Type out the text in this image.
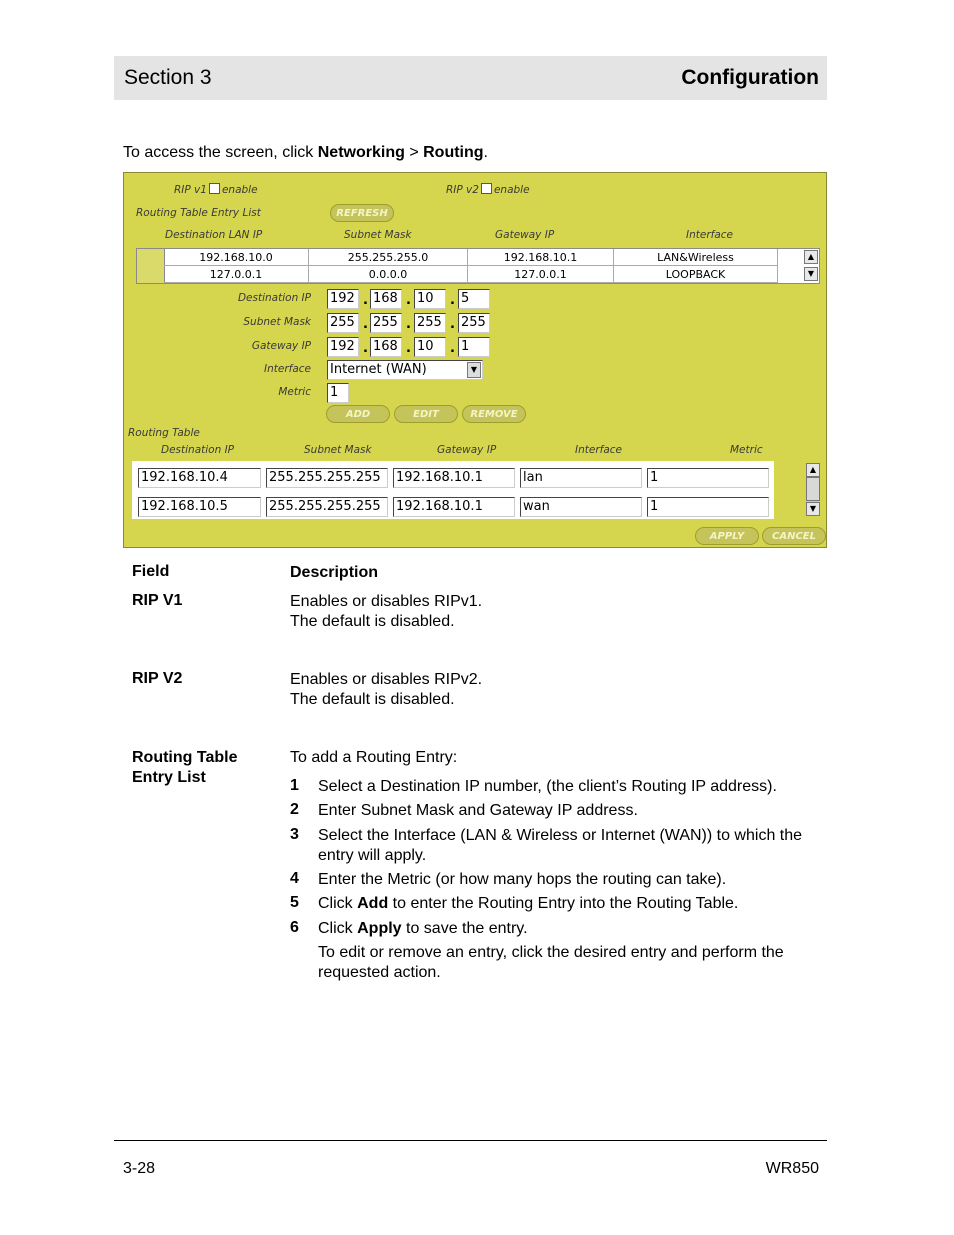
Section 3	Configuration
To access the screen, click Networking > Routing.
RIP v1 enable	RIP v2 enable
Routing Table Entry List	REFRESH
Destination LAN IP	Subnet Mask	Gateway IP	Interface
192.168.10.0	255.255.255.0	192.168.10.1	LAN&Wireless
127.0.0.1	0.0.0.0	127.0.0.1	LOOPBACK
▲
▼
Destination IP 192 . 168 . 10	. 5
Subnet Mask 255 . 255 . 255 . 255
Gateway IP 192 . 168 . 10	. 1
Interface Internet (WAN)	▼
Metric 1
ADD	EDIT	REMOVE
Routing Table
Destination IP	Subnet Mask	Gateway IP	Interface	Metric
192.168.10.4	255.255.255.255	192.168.10.1	lan	1
192.168.10.5	255.255.255.255	192.168.10.1	wan	1
▲
▼
APPLY	CANCEL
Field	Description
RIP V1	Enables or disables RIPv1.
The default is disabled.
RIP V2	Enables or disables RIPv2.
The default is disabled.
Routing Table
Entry List
To add a Routing Entry:
1 Select a Destination IP number, (the client’s Routing IP address).
2 Enter Subnet Mask and Gateway IP address.
3 Select the Interface (LAN & Wireless or Internet (WAN)) to which the entry will apply.
4 Enter the Metric (or how many hops the routing can take).
5 Click Add to enter the Routing Entry into the Routing Table.
6 Click Apply to save the entry.
To edit or remove an entry, click the desired entry and perform the requested action.
3-28	WR850
